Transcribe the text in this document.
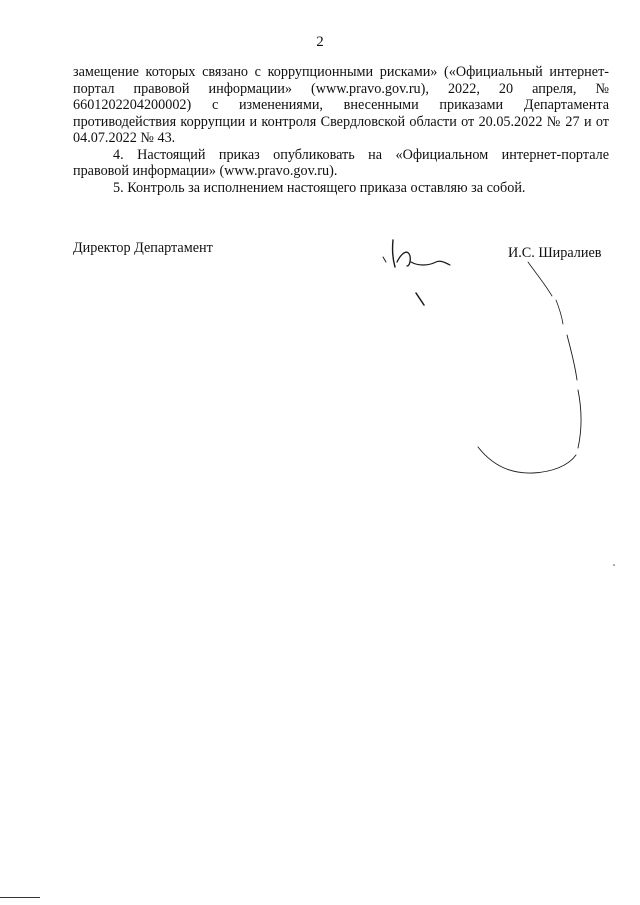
2

замещение которых связано с коррупционными рисками» («Официальный интернет-портал правовой информации» (www.pravo.gov.ru), 2022, 20 апреля, № 6601202204200002) с изменениями, внесенными приказами Департамента противодействия коррупции и контроля Свердловской области от 20.05.2022 № 27 и от 04.07.2022 № 43.

4. Настоящий приказ опубликовать на «Официальном интернет-портале правовой информации» (www.pravo.gov.ru).

5. Контроль за исполнением настоящего приказа оставляю за собой.

Директор Департамент	И.С. Ширалиев
